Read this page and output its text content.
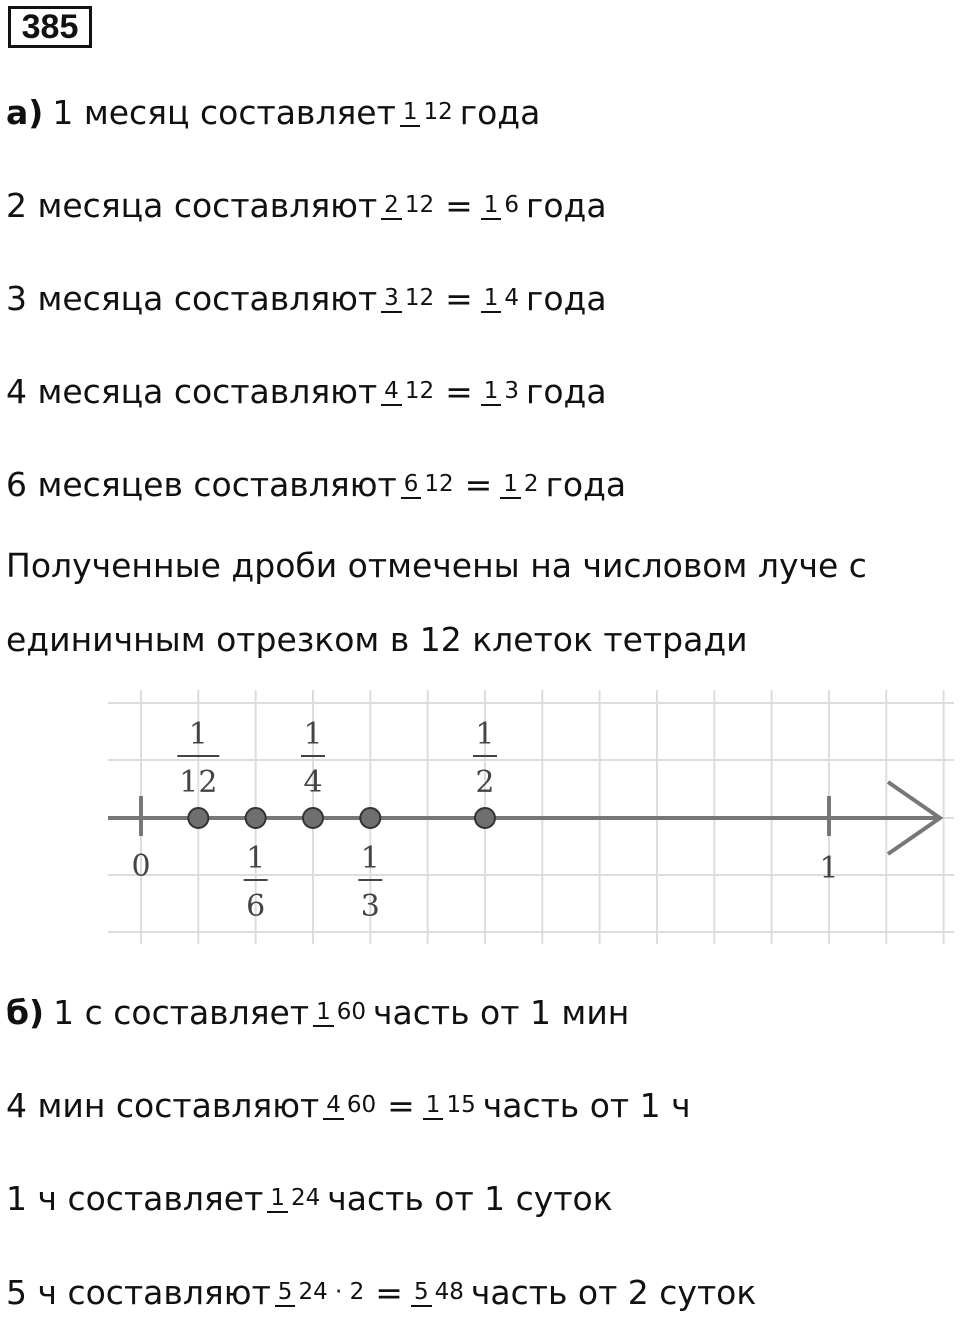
385
а) 1 месяц составляет 1 12 года
2 месяца составляют 2 12 = 1 6 года
3 месяца составляют 3 12 = 1 4 года
4 месяца составляют 4 12 = 1 3 года
6 месяцев составляют 6 12 = 1 2 года
Полученные дроби отмечены на числовом луче с
единичным отрезком в 12 клеток тетради
0	1
1
12
1
6
1
4
1
3
1
2
б) 1 с составляет 1 60 часть от 1 мин
4 мин составляют 4 60 = 1 15 часть от 1 ч
1 ч составляет 1 24 часть от 1 суток
5 ч составляют 5 24 · 2 = 5 48 часть от 2 суток
